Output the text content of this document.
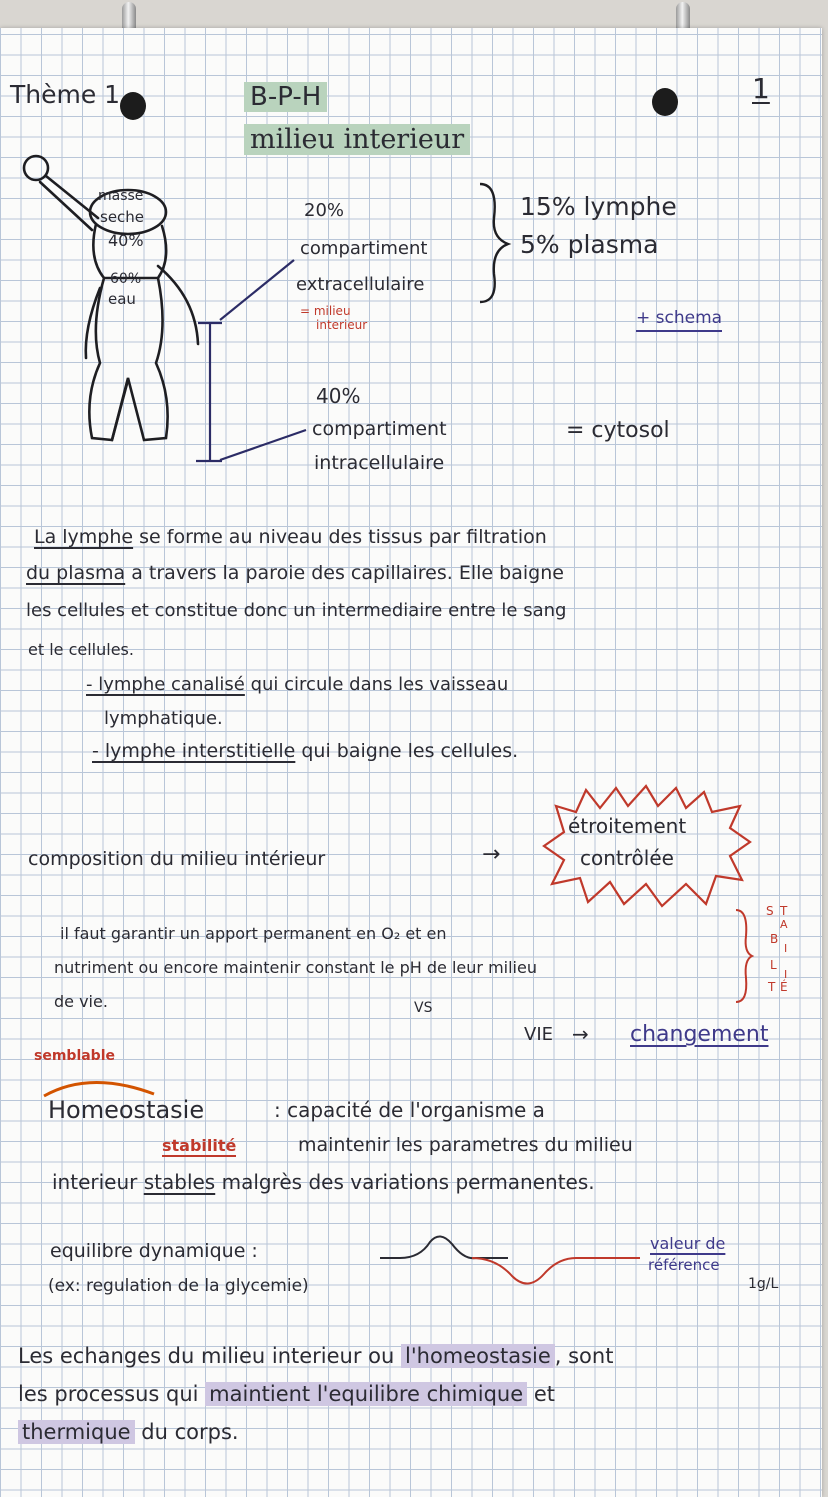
Thème 1	B-P-H
milieu interieur
1
masse
seche
40%
60%
eau
20%
compartiment
extracellulaire
= milieu
interieur
15% lymphe
5% plasma
+ schema
40%
compartiment
intracellulaire
= cytosol
La lymphe se forme au niveau des tissus par filtration
du plasma a travers la paroie des capillaires. Elle baigne
les cellules et constitue donc un intermediaire entre le sang
et le cellules.
- lymphe canalisé qui circule dans les vaisseau
lymphatique.
- lymphe interstitielle qui baigne les cellules.
composition du milieu intérieur	→
étroitement
contrôlée
il faut garantir un apport permanent en O₂ et en
nutriment ou encore maintenir constant le pH de leur milieu
de vie.	VS
S T
A
B
I
L
I
T É
VIE → changement
semblable
Homeostasie	: capacité de l'organisme a
stabilité	maintenir les parametres du milieu
interieur stables malgrès des variations permanentes.
equilibre dynamique :
(ex: regulation de la glycemie)
valeur de
référence
1g/L
Les echanges du milieu interieur ou l'homeostasie , sont
les processus qui maintient l'equilibre chimique et
thermique du corps.
